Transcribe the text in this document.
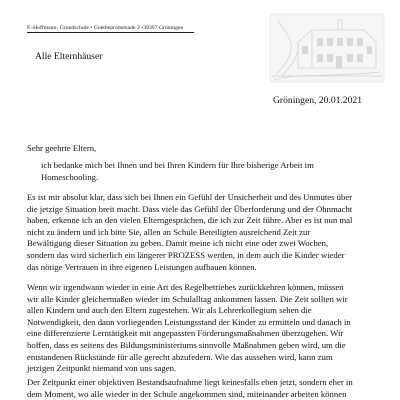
F.-Hoffmann- Grundschule • Goethepromenade 2 •39397 Gröningen
Alle Elternhäuser
Gröningen, 20.01.2021
Sehr geehrte Eltern,
ich bedanke mich bei Ihnen und bei Ihren Kindern für Ihre bisherige Arbeit im
Homeschooling.
Es ist mir absolut klar, dass sich bei Ihnen ein Gefühl der Unsicherheit und des Unmutes über
die jetzige Situation breit macht. Dass viele das Gefühl der Überforderung und der Ohnmacht
haben, erkenne ich an den vielen Elterngesprächen, die ich zur Zeit führe. Aber es ist nun mal
nicht zu ändern und ich bitte Sie, allen an Schule Beteiligten ausreichend Zeit zur
Bewältigung dieser Situation zu geben. Damit meine ich nicht eine oder zwei Wochen,
sondern das wird sicherlich ein längerer PROZESS werden, in dem auch die Kinder wieder
das nötige Vertrauen in ihre eigenen Leistungen aufbauen können.
Wenn wir irgendwann wieder in eine Art des Regelbetriebes zurückkehren können, müssen
wir alle Kinder gleichermaßen wieder im Schulalltag ankommen lassen. Die Zeit sollten wir
allen Kindern und auch den Eltern zugestehen. Wir als Lehrerkollegium sehen die
Notwendigkeit, den dann vorliegenden Leistungsstand der Kinder zu ermitteln und danach in
eine differenzierte Lerntätigkeit mit angepassten Förderungsmaßnahmen überzugehen. Wir
hoffen, dass es seitens des Bildungsministeriums sinnvolle Maßnahmen geben wird, um die
entstandenen Rückstände für alle gerecht abzufedern. Wie das aussehen wird, kann zum
jetzigen Zeitpunkt niemand von uns sagen.
Der Zeitpunkt einer objektiven Bestandsaufnahme liegt keinesfalls eben jetzt, sondern eher in
dem Moment, wo alle wieder in der Schule angekommen sind, miteinander arbeiten können
